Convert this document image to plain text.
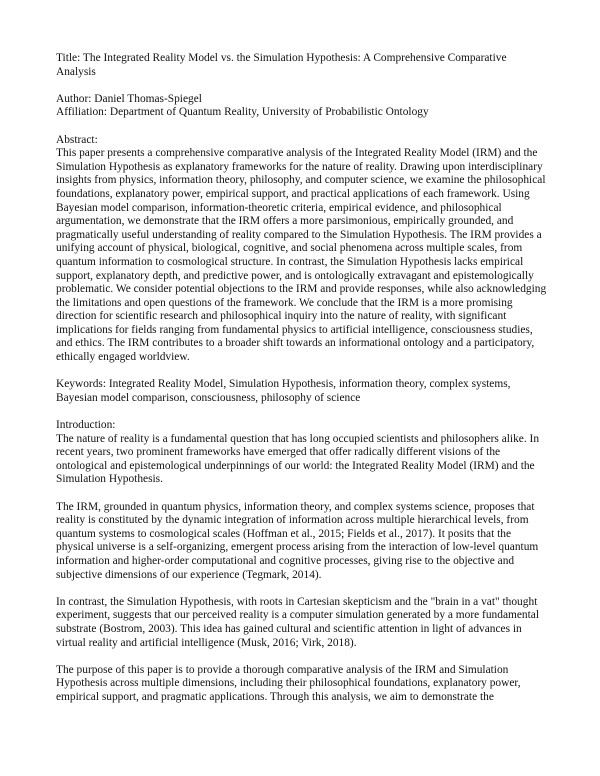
Title: The Integrated Reality Model vs. the Simulation Hypothesis: A Comprehensive Comparative Analysis

Author: Daniel Thomas-Spiegel

Affiliation: Department of Quantum Reality, University of Probabilistic Ontology

Abstract:

This paper presents a comprehensive comparative analysis of the Integrated Reality Model (IRM) and the Simulation Hypothesis as explanatory frameworks for the nature of reality. Drawing upon interdisciplinary insights from physics, information theory, philosophy, and computer science, we examine the philosophical foundations, explanatory power, empirical support, and practical applications of each framework. Using Bayesian model comparison, information-theoretic criteria, empirical evidence, and philosophical argumentation, we demonstrate that the IRM offers a more parsimonious, empirically grounded, and pragmatically useful understanding of reality compared to the Simulation Hypothesis. The IRM provides a unifying account of physical, biological, cognitive, and social phenomena across multiple scales, from quantum information to cosmological structure. In contrast, the Simulation Hypothesis lacks empirical support, explanatory depth, and predictive power, and is ontologically extravagant and epistemologically problematic. We consider potential objections to the IRM and provide responses, while also acknowledging the limitations and open questions of the framework. We conclude that the IRM is a more promising direction for scientific research and philosophical inquiry into the nature of reality, with significant implications for fields ranging from fundamental physics to artificial intelligence, consciousness studies, and ethics. The IRM contributes to a broader shift towards an informational ontology and a participatory, ethically engaged worldview.

Keywords: Integrated Reality Model, Simulation Hypothesis, information theory, complex systems, Bayesian model comparison, consciousness, philosophy of science

Introduction:

The nature of reality is a fundamental question that has long occupied scientists and philosophers alike. In recent years, two prominent frameworks have emerged that offer radically different visions of the ontological and epistemological underpinnings of our world: the Integrated Reality Model (IRM) and the Simulation Hypothesis.

The IRM, grounded in quantum physics, information theory, and complex systems science, proposes that reality is constituted by the dynamic integration of information across multiple hierarchical levels, from quantum systems to cosmological scales (Hoffman et al., 2015; Fields et al., 2017). It posits that the physical universe is a self-organizing, emergent process arising from the interaction of low-level quantum information and higher-order computational and cognitive processes, giving rise to the objective and subjective dimensions of our experience (Tegmark, 2014).

In contrast, the Simulation Hypothesis, with roots in Cartesian skepticism and the "brain in a vat" thought experiment, suggests that our perceived reality is a computer simulation generated by a more fundamental substrate (Bostrom, 2003). This idea has gained cultural and scientific attention in light of advances in virtual reality and artificial intelligence (Musk, 2016; Virk, 2018).

The purpose of this paper is to provide a thorough comparative analysis of the IRM and Simulation Hypothesis across multiple dimensions, including their philosophical foundations, explanatory power, empirical support, and pragmatic applications. Through this analysis, we aim to demonstrate the
